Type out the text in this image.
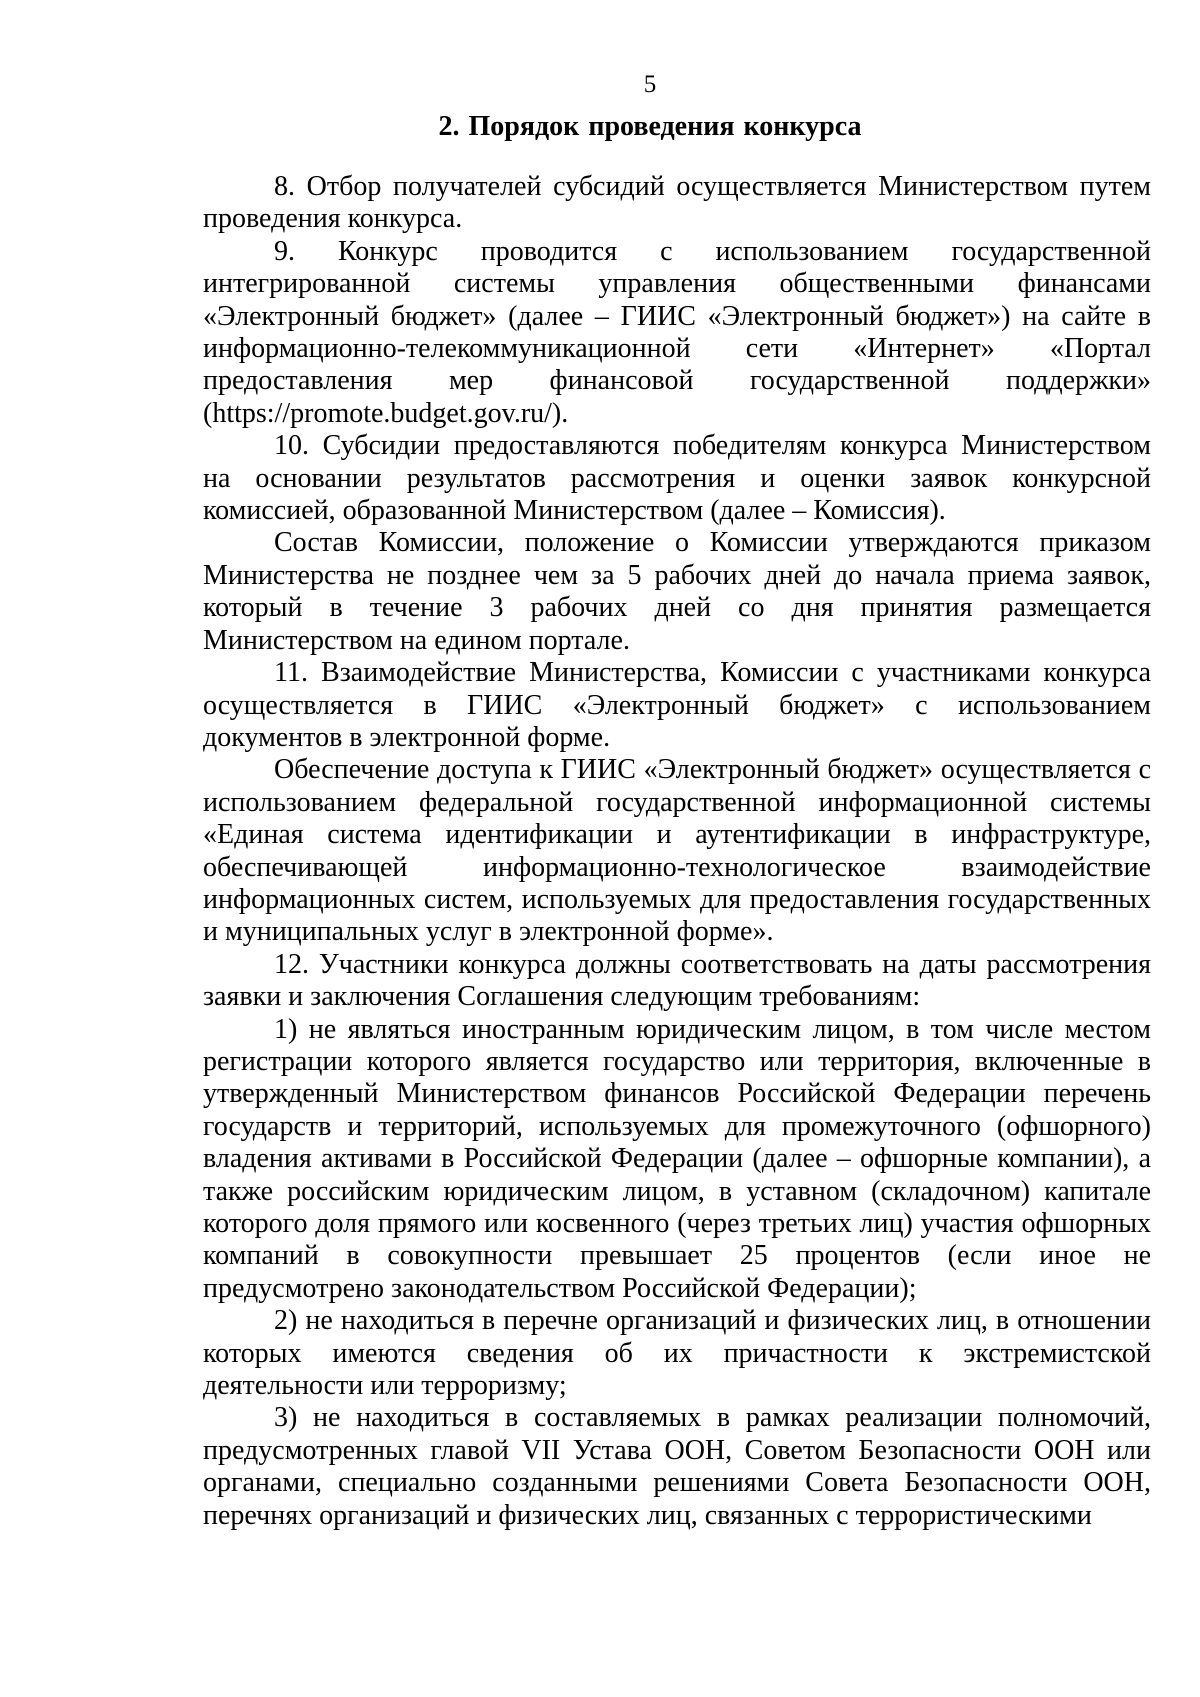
5
2. Порядок проведения конкурса

8. Отбор получателей субсидий осуществляется Министерством путем проведения конкурса.

9. Конкурс проводится с использованием государственной интегрированной системы управления общественными финансами «Электронный бюджет» (далее – ГИИС «Электронный бюджет») на сайте в информационно-телекоммуникационной сети «Интернет» «Портал предоставления мер финансовой государственной поддержки» (https://promote.budget.gov.ru/).

10. Субсидии предоставляются победителям конкурса Министерством на основании результатов рассмотрения и оценки заявок конкурсной комиссией, образованной Министерством (далее – Комиссия).

Состав Комиссии, положение о Комиссии утверждаются приказом Министерства не позднее чем за 5 рабочих дней до начала приема заявок, который в течение 3 рабочих дней со дня принятия размещается Министерством на едином портале.

11. Взаимодействие Министерства, Комиссии с участниками конкурса осуществляется в ГИИС «Электронный бюджет» с использованием документов в электронной форме.

Обеспечение доступа к ГИИС «Электронный бюджет» осуществляется с использованием федеральной государственной информационной системы «Единая система идентификации и аутентификации в инфраструктуре, обеспечивающей информационно-технологическое взаимодействие информационных систем, используемых для предоставления государственных и муниципальных услуг в электронной форме».

12. Участники конкурса должны соответствовать на даты рассмотрения заявки и заключения Соглашения следующим требованиям:

1) не являться иностранным юридическим лицом, в том числе местом регистрации которого является государство или территория, включенные в утвержденный Министерством финансов Российской Федерации перечень государств и территорий, используемых для промежуточного (офшорного) владения активами в Российской Федерации (далее – офшорные компании), а также российским юридическим лицом, в уставном (складочном) капитале которого доля прямого или косвенного (через третьих лиц) участия офшорных компаний в совокупности превышает 25 процентов (если иное не предусмотрено законодательством Российской Федерации);

2) не находиться в перечне организаций и физических лиц, в отношении которых имеются сведения об их причастности к экстремистской деятельности или терроризму;

3) не находиться в составляемых в рамках реализации полномочий, предусмотренных главой VII Устава ООН, Советом Безопасности ООН или органами, специально созданными решениями Совета Безопасности ООН, перечнях организаций и физических лиц, связанных с террористическими
